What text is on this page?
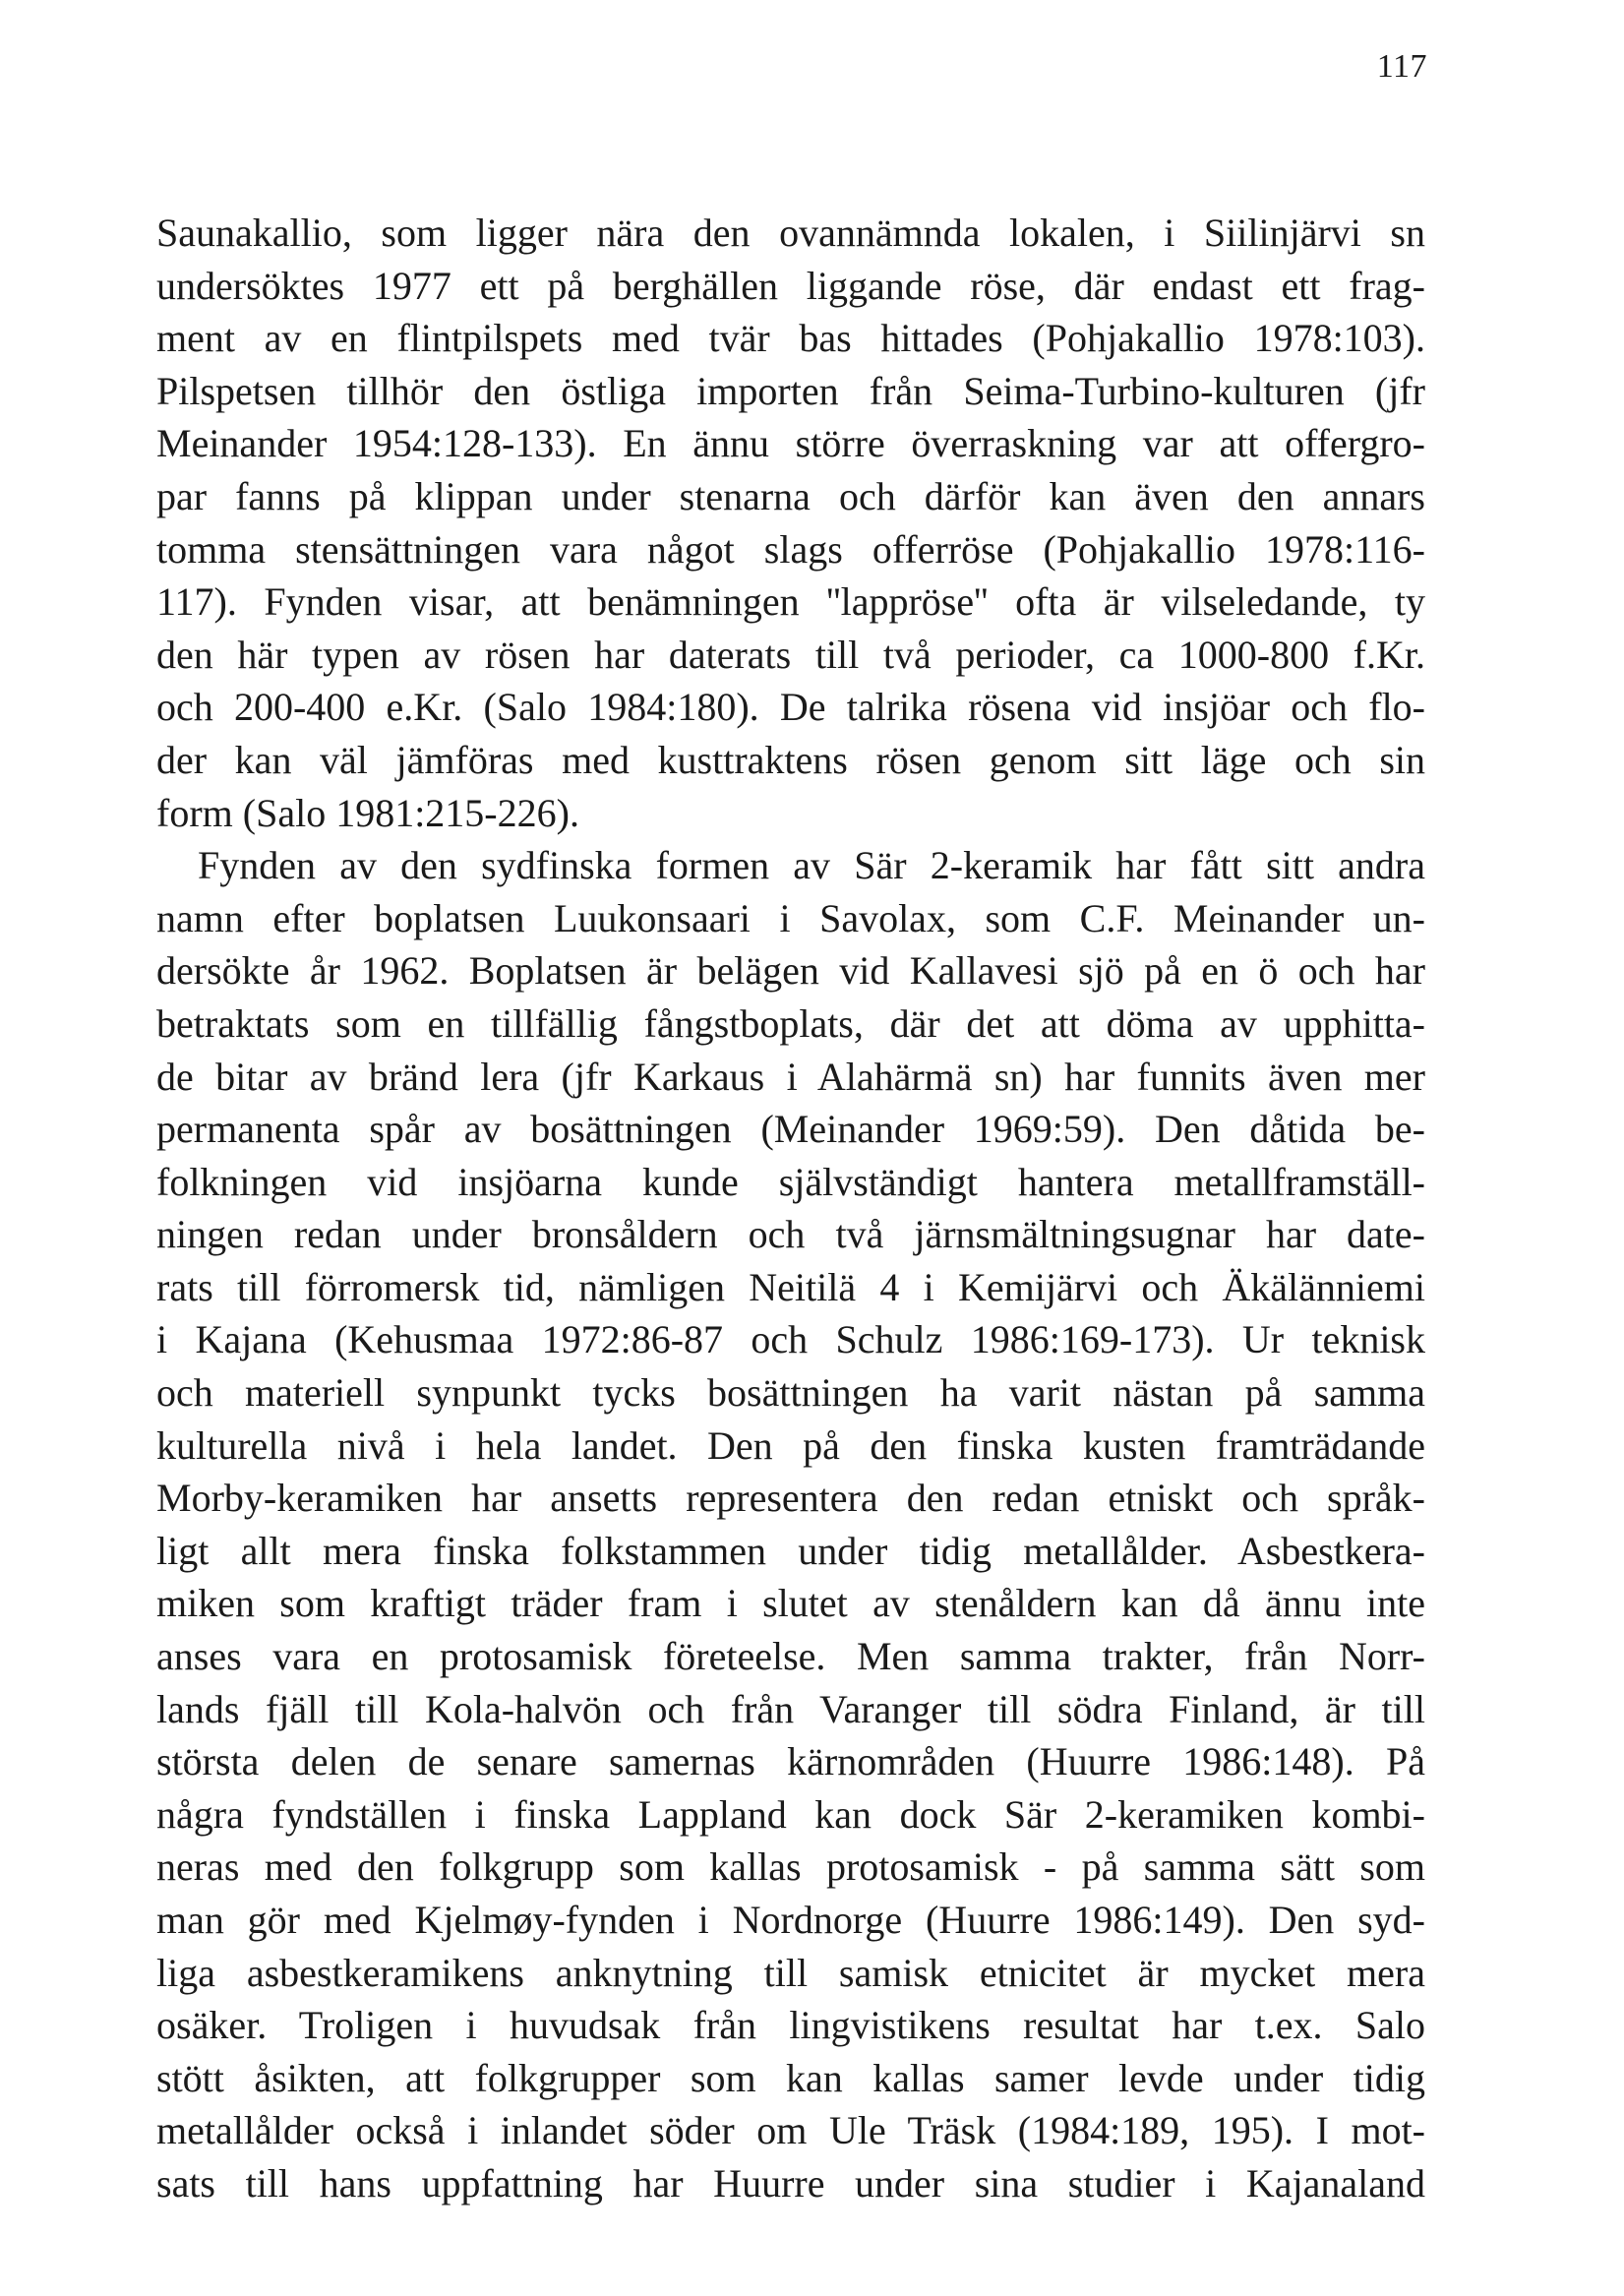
117
Saunakallio, som ligger nära den ovannämnda lokalen, i Siilinjärvi sn
undersöktes 1977 ett på berghällen liggande röse, där endast ett frag-
ment av en flintpilspets med tvär bas hittades (Pohjakallio 1978:103).
Pilspetsen tillhör den östliga importen från Seima-Turbino-kulturen (jfr
Meinander 1954:128-133). En ännu större överraskning var att offergro-
par fanns på klippan under stenarna och därför kan även den annars
tomma stensättningen vara något slags offerröse (Pohjakallio 1978:116-
117). Fynden visar, att benämningen ''lappröse'' ofta är vilseledande, ty
den här typen av rösen har daterats till två perioder, ca 1000-800 f.Kr.
och 200-400 e.Kr. (Salo 1984:180). De talrika rösena vid insjöar och flo-
der kan väl jämföras med kusttraktens rösen genom sitt läge och sin
form (Salo 1981:215-226).
Fynden av den sydfinska formen av Sär 2-keramik har fått sitt andra
namn efter boplatsen Luukonsaari i Savolax, som C.F. Meinander un-
dersökte år 1962. Boplatsen är belägen vid Kallavesi sjö på en ö och har
betraktats som en tillfällig fångstboplats, där det att döma av upphitta-
de bitar av bränd lera (jfr Karkaus i Alahärmä sn) har funnits även mer
permanenta spår av bosättningen (Meinander 1969:59). Den dåtida be-
folkningen vid insjöarna kunde självständigt hantera metallframställ-
ningen redan under bronsåldern och två järnsmältningsugnar har date-
rats till förromersk tid, nämligen Neitilä 4 i Kemijärvi och Äkälänniemi
i Kajana (Kehusmaa 1972:86-87 och Schulz 1986:169-173). Ur teknisk
och materiell synpunkt tycks bosättningen ha varit nästan på samma
kulturella nivå i hela landet. Den på den finska kusten framträdande
Morby-keramiken har ansetts representera den redan etniskt och språk-
ligt allt mera finska folkstammen under tidig metallålder. Asbestkera-
miken som kraftigt träder fram i slutet av stenåldern kan då ännu inte
anses vara en protosamisk företeelse. Men samma trakter, från Norr-
lands fjäll till Kola-halvön och från Varanger till södra Finland, är till
största delen de senare samernas kärnområden (Huurre 1986:148). På
några fyndställen i finska Lappland kan dock Sär 2-keramiken kombi-
neras med den folkgrupp som kallas protosamisk - på samma sätt som
man gör med Kjelmøy-fynden i Nordnorge (Huurre 1986:149). Den syd-
liga asbestkeramikens anknytning till samisk etnicitet är mycket mera
osäker. Troligen i huvudsak från lingvistikens resultat har t.ex. Salo
stött åsikten, att folkgrupper som kan kallas samer levde under tidig
metallålder också i inlandet söder om Ule Träsk (1984:189, 195). I mot-
sats till hans uppfattning har Huurre under sina studier i Kajanaland
